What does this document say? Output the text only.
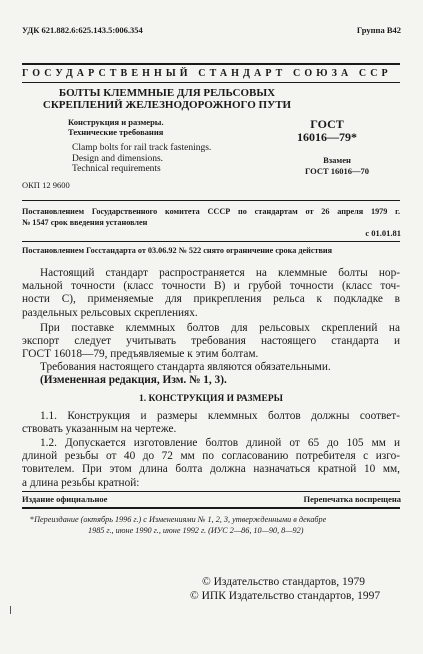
УДК 621.882.6:625.143.5:006.354	Группа В42
ГОСУДАРСТВЕННЫЙ СТАНДАРТ СОЮЗА ССР
БОЛТЫ КЛЕММНЫЕ ДЛЯ РЕЛЬСОВЫХ
СКРЕПЛЕНИЙ ЖЕЛЕЗНОДОРОЖНОГО ПУТИ
Конструкция и размеры.
Технические требования
ГОСТ
16016—79*
Clamp bolts for rail track fastenings.
Design and dimensions.
Technical requirements
Взамен
ГОСТ 16016—70
ОКП 12 9600
Постановлением Государственного комитета СССР по стандартам от 26 апреля 1979 г.
№ 1547 срок введения установлен
с 01.01.81
Постановлением Госстандарта от 03.06.92 № 522 снято ограничение срока действия
Настоящий стандарт распространяется на клеммные болты нор-
мальной точности (класс точности В) и грубой точности (класс точ-
ности С), применяемые для прикрепления рельса к подкладке в
раздельных рельсовых скреплениях.
При поставке клеммных болтов для рельсовых скреплений на
экспорт следует учитывать требования настоящего стандарта и
ГОСТ 16018—79, предъявляемые к этим болтам.
Требования настоящего стандарта являются обязательными.
(Измененная редакция, Изм. № 1, 3).
1. КОНСТРУКЦИЯ И РАЗМЕРЫ
1.1. Конструкция и размеры клеммных болтов должны соответ-
ствовать указанным на чертеже.
1.2. Допускается изготовление болтов длиной от 65 до 105 мм и
длиной резьбы от 40 до 72 мм по согласованию потребителя с изго-
товителем. При этом длина болта должна назначаться кратной 10 мм,
а длина резьбы кратной:
Издание официальное	Перепечатка воспрещена
*Переиздание (октябрь 1996 г.) с Изменениями № 1, 2, 3, утвержденными в декабре
1985 г., июне 1990 г., июне 1992 г. (ИУС 2—86, 10—90, 8—92)
© Издательство стандартов, 1979
© ИПК Издательство стандартов, 1997
